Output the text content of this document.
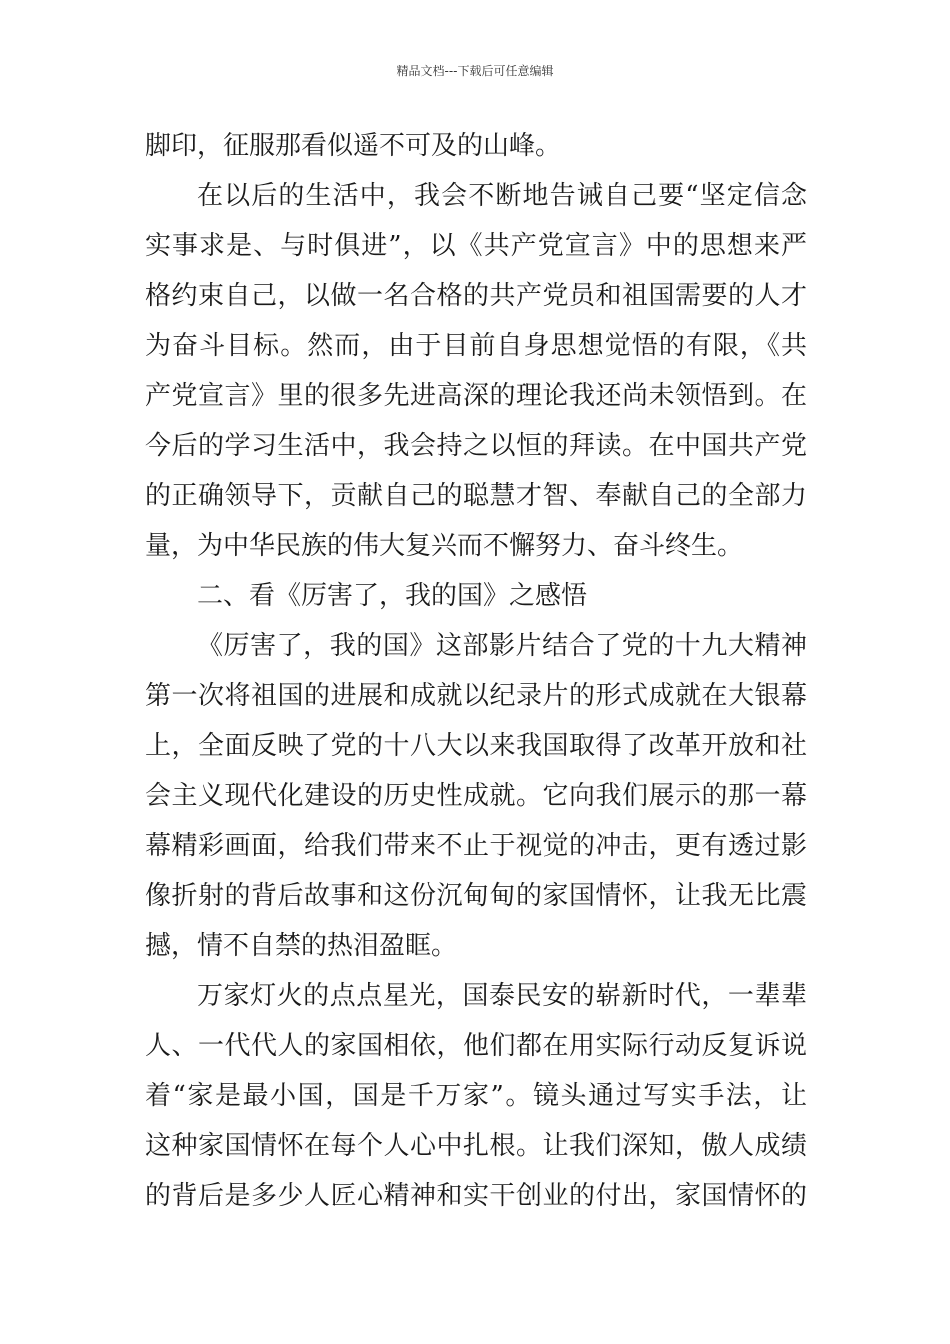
精品文档---下载后可任意编辑
脚印，征服那看似遥不可及的山峰。
在以后的生活中，我会不断地告诫自己要“坚定信念
实事求是、与时俱进”，以《共产党宣言》中的思想来严
格约束自己，以做一名合格的共产党员和祖国需要的人才
为奋斗目标。然而，由于目前自身思想觉悟的有限，《共
产党宣言》里的很多先进高深的理论我还尚未领悟到。在
今后的学习生活中，我会持之以恒的拜读。在中国共产党
的正确领导下，贡献自己的聪慧才智、奉献自己的全部力
量，为中华民族的伟大复兴而不懈努力、奋斗终生。
二、看《厉害了，我的国》之感悟
《厉害了，我的国》这部影片结合了党的十九大精神
第一次将祖国的进展和成就以纪录片的形式成就在大银幕
上，全面反映了党的十八大以来我国取得了改革开放和社
会主义现代化建设的历史性成就。它向我们展示的那一幕
幕精彩画面，给我们带来不止于视觉的冲击，更有透过影
像折射的背后故事和这份沉甸甸的家国情怀，让我无比震
撼，情不自禁的热泪盈眶。
万家灯火的点点星光，国泰民安的崭新时代，一辈辈
人、一代代人的家国相依，他们都在用实际行动反复诉说
着“家是最小国，国是千万家”。镜头通过写实手法，让
这种家国情怀在每个人心中扎根。让我们深知，傲人成绩
的背后是多少人匠心精神和实干创业的付出，家国情怀的
